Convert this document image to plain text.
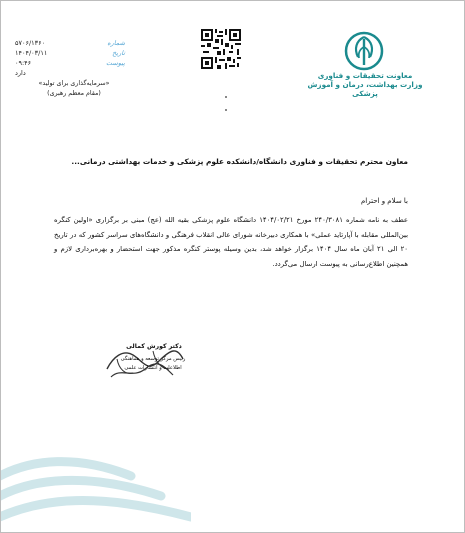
معاونت تحقیقات و فناوری
وزارت بهداشت، درمان و آموزش پزشکی
شماره
۵۷۰۶/۱۳۶۰
تاریخ
۱۴۰۴/۰۳/۱۱
پیوست
۰۹:۴۶
دارد
«سرمایه‌گذاری برای تولید»
(مقام معظم رهبری)
معاون محترم تحقیقات و فناوری دانشگاه/دانشکده علوم پزشکی و خدمات بهداشتی درمانی...
با سلام و احترام
عطف به نامه شماره ۲۴۰/۳۰۸۱ مورخ ۱۴۰۴/۰۲/۲۱ دانشگاه علوم پزشکی بقیه الله (عج) مبنی بر برگزاری «اولین کنگره بین‌المللی مقابله با آپارتاید عملی» با همکاری دبیرخانه شورای عالی انقلاب فرهنگی و دانشگاه‌های سراسر کشور که در تاریخ ۲۰ الی ۲۱ آبان ماه سال ۱۴۰۴ برگزار خواهد شد، بدین وسیله پوستر کنگره مذکور جهت استحضار و بهره‌برداری لازم و همچنین اطلاع‌رسانی به پیوست ارسال می‌گردد.
دکتر کورش کمالی
رئیس مرکز توسعه و هماهنگی
اطلاعات و انتشارات علمی
